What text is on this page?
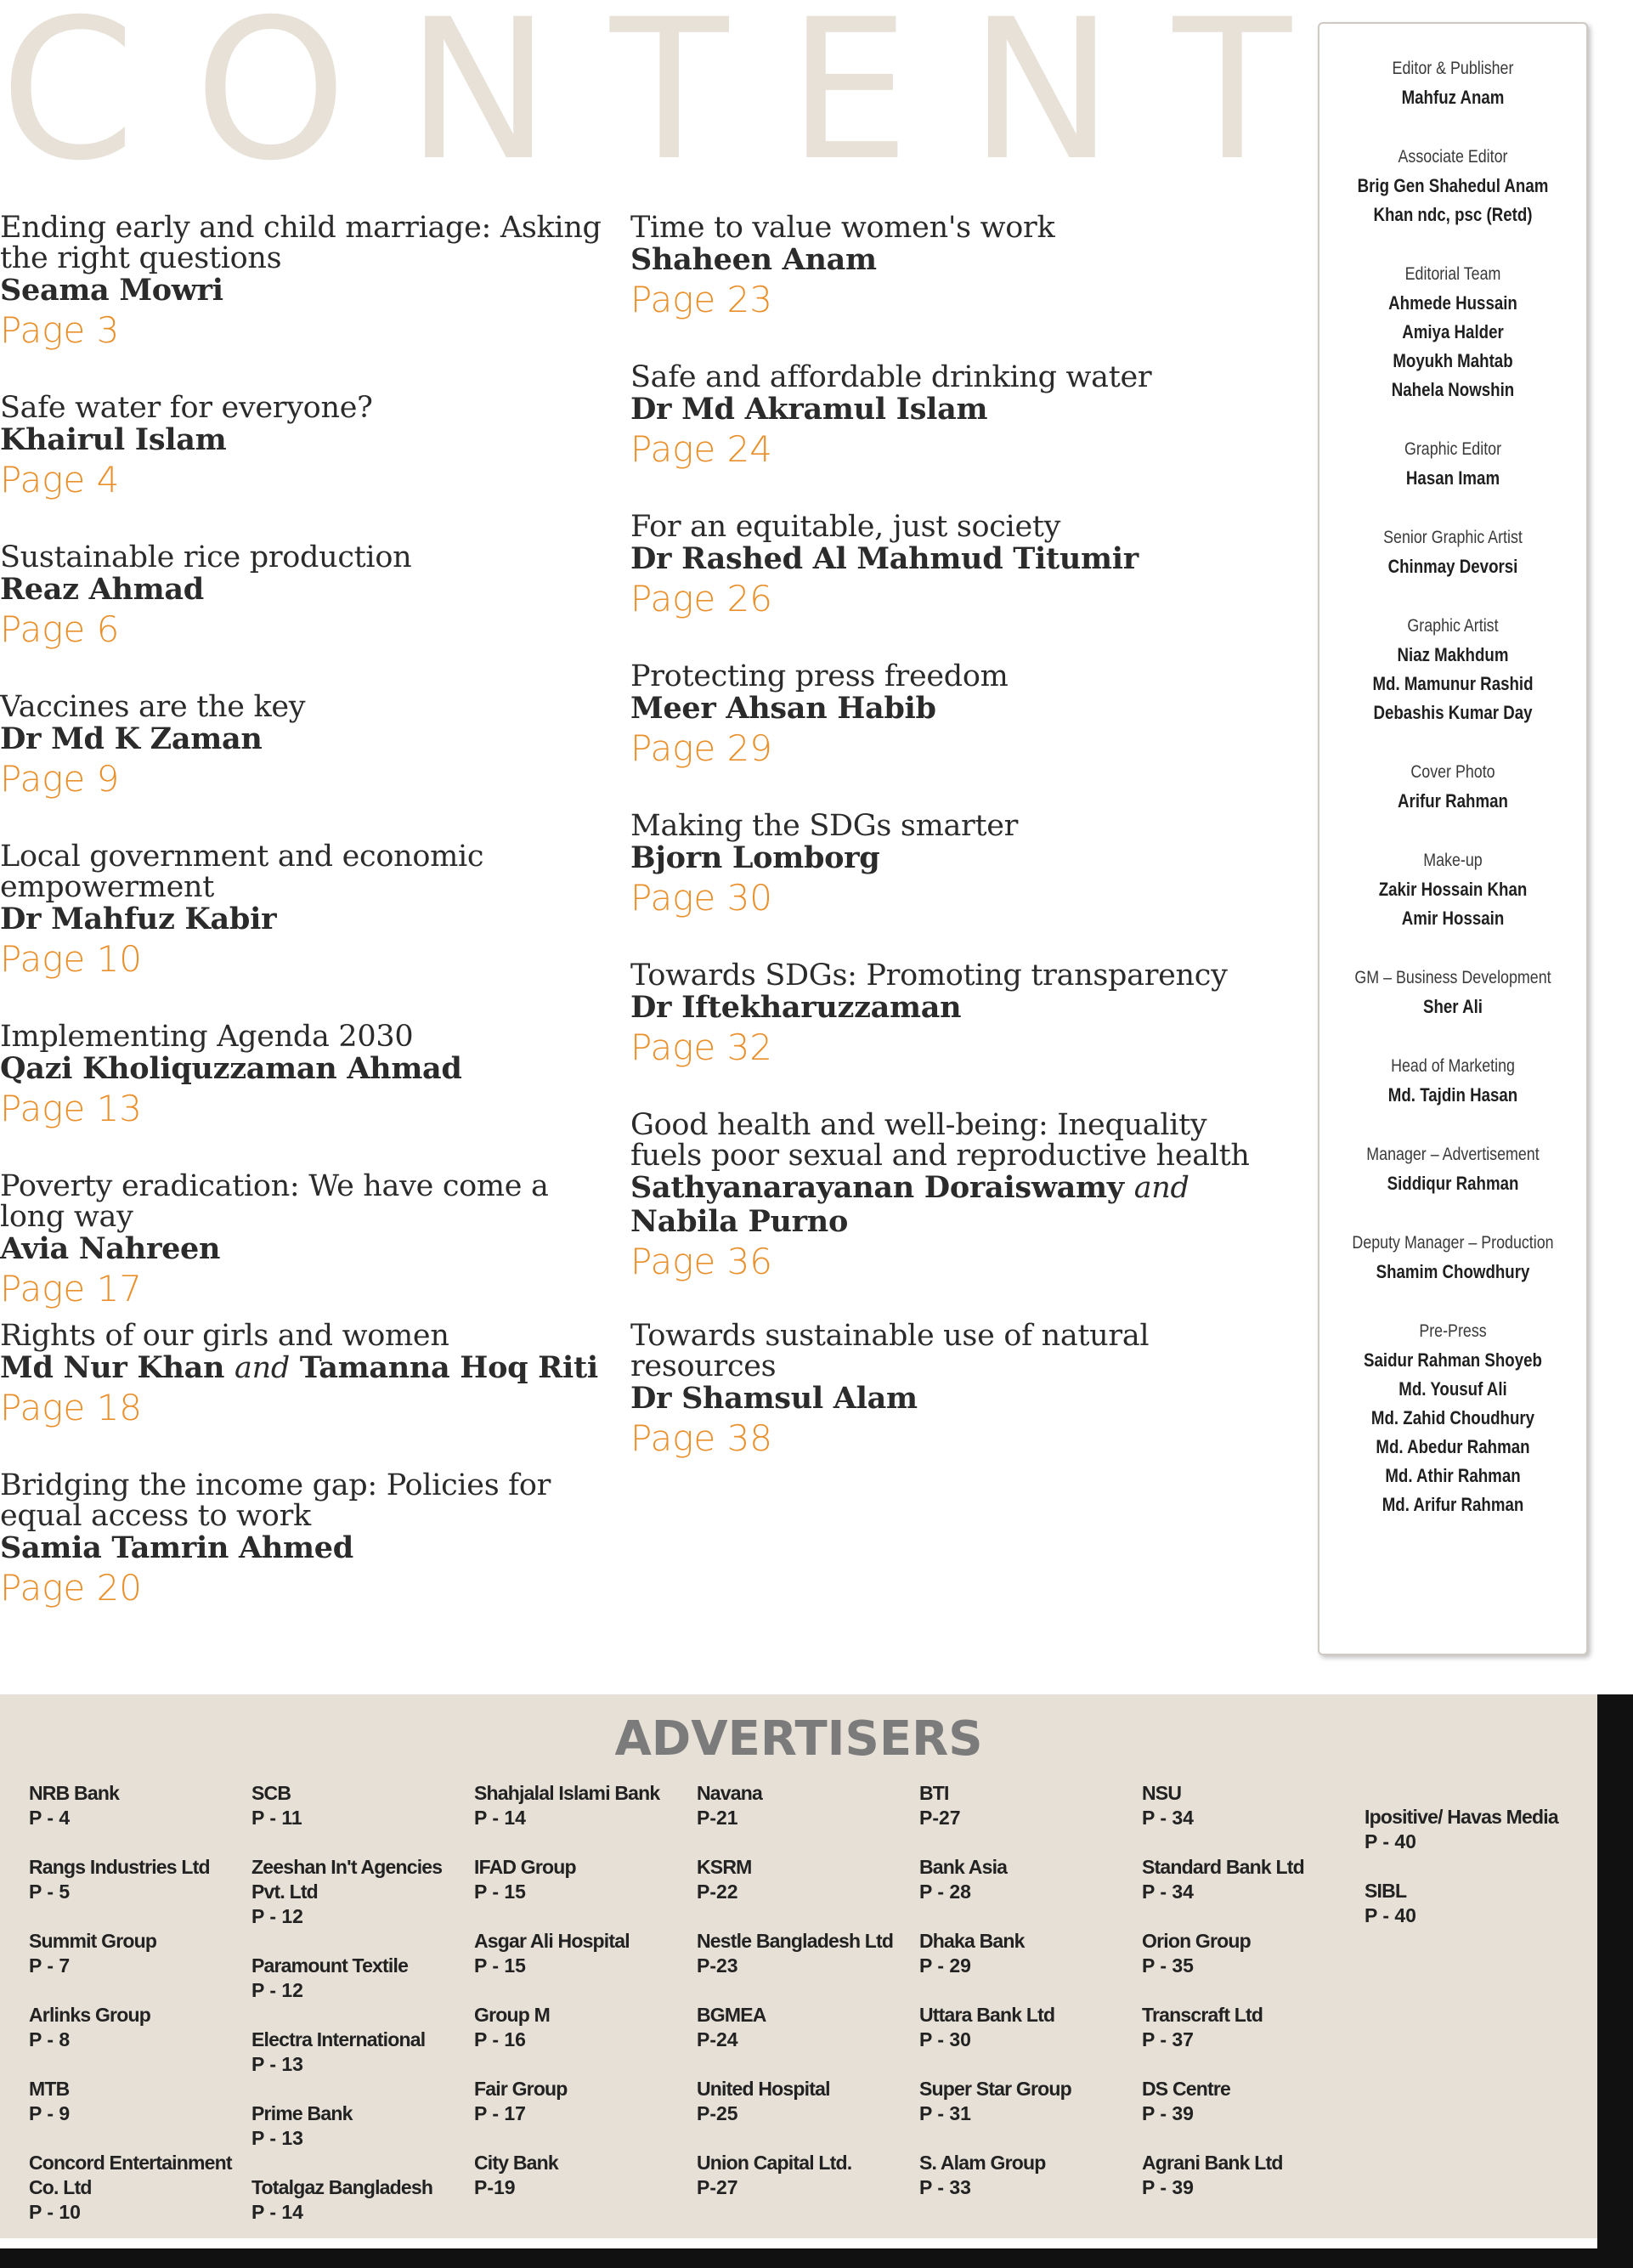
C O N T E N T
Ending early and child marriage: Asking the right questions
Seama Mowri
Page 3
Safe water for everyone?
Khairul Islam
Page 4
Sustainable rice production
Reaz Ahmad
Page 6
Vaccines are the key
Dr Md K Zaman
Page 9
Local government and economic empowerment
Dr Mahfuz Kabir
Page 10
Implementing Agenda 2030
Qazi Kholiquzzaman Ahmad
Page 13
Poverty eradication: We have come a long way
Avia Nahreen
Page 17
Rights of our girls and women
Md Nur Khan and Tamanna Hoq Riti
Page 18
Bridging the income gap: Policies for equal access to work
Samia Tamrin Ahmed
Page 20
Time to value women's work
Shaheen Anam
Page 23
Safe and affordable drinking water
Dr Md Akramul Islam
Page 24
For an equitable, just society
Dr Rashed Al Mahmud Titumir
Page 26
Protecting press freedom
Meer Ahsan Habib
Page 29
Making the SDGs smarter
Bjorn Lomborg
Page 30
Towards SDGs: Promoting transparency
Dr Iftekharuzzaman
Page 32
Good health and well-being: Inequality fuels poor sexual and reproductive health
Sathyanarayanan Doraiswamy and Nabila Purno
Page 36
Towards sustainable use of natural resources
Dr Shamsul Alam
Page 38
Editor & Publisher
Mahfuz Anam
Associate Editor
Brig Gen Shahedul Anam
Khan ndc, psc (Retd)
Editorial Team
Ahmede Hussain
Amiya Halder
Moyukh Mahtab
Nahela Nowshin
Graphic Editor
Hasan Imam
Senior Graphic Artist
Chinmay Devorsi
Graphic Artist
Niaz Makhdum
Md. Mamunur Rashid
Debashis Kumar Day
Cover Photo
Arifur Rahman
Make-up
Zakir Hossain Khan
Amir Hossain
GM – Business Development
Sher Ali
Head of Marketing
Md. Tajdin Hasan
Manager – Advertisement
Siddiqur Rahman
Deputy Manager – Production
Shamim Chowdhury
Pre-Press
Saidur Rahman Shoyeb
Md. Yousuf Ali
Md. Zahid Choudhury
Md. Abedur Rahman
Md. Athir Rahman
Md. Arifur Rahman
ADVERTISERS
NRB Bank
P - 4
Rangs Industries Ltd
P - 5
Summit Group
P - 7
Arlinks Group
P - 8
MTB
P - 9
Concord Entertainment Co. Ltd
P - 10
SCB
P - 11
Zeeshan In't Agencies Pvt. Ltd
P - 12
Paramount Textile
P - 12
Electra International
P - 13
Prime Bank
P - 13
Totalgaz Bangladesh
P - 14
Shahjalal Islami Bank
P - 14
IFAD Group
P - 15
Asgar Ali Hospital
P - 15
Group M
P - 16
Fair Group
P - 17
City Bank
P-19
Navana
P-21
KSRM
P-22
Nestle Bangladesh Ltd
P-23
BGMEA
P-24
United Hospital
P-25
Union Capital Ltd.
P-27
BTI
P-27
Bank Asia
P - 28
Dhaka Bank
P - 29
Uttara Bank Ltd
P - 30
Super Star Group
P - 31
S. Alam Group
P - 33
NSU
P - 34
Standard Bank Ltd
P - 34
Orion Group
P - 35
Transcraft Ltd
P - 37
DS Centre
P - 39
Agrani Bank Ltd
P - 39
Ipositive/ Havas Media
P - 40
SIBL
P - 40
